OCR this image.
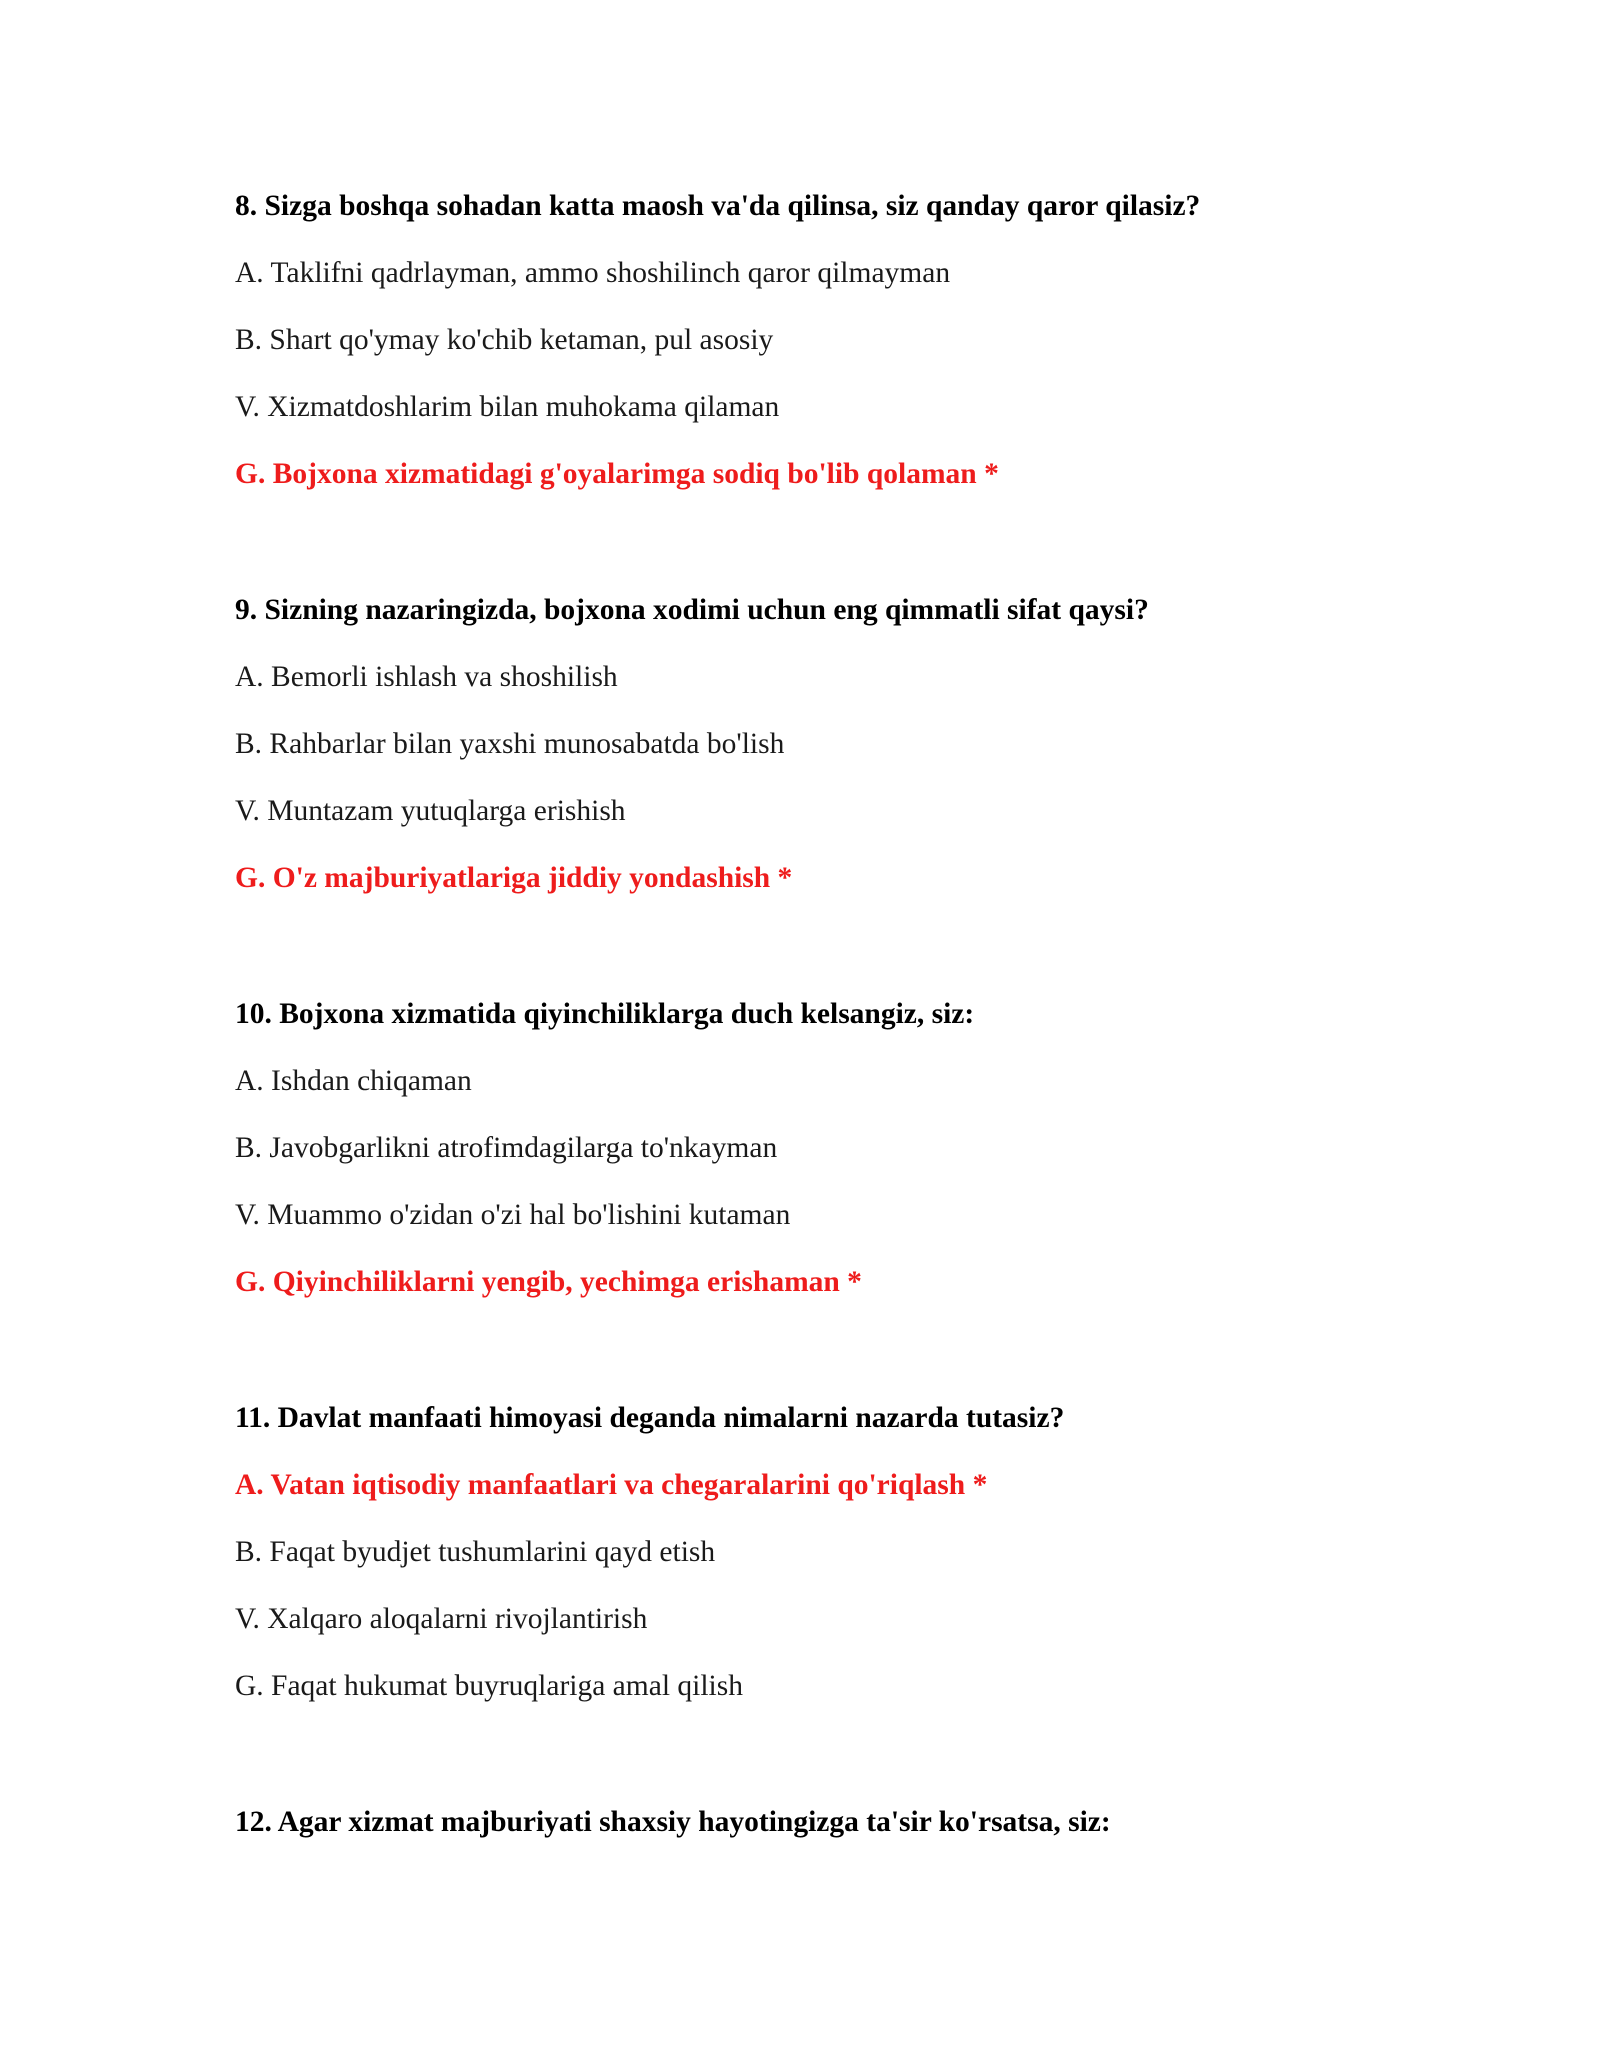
8. Sizga boshqa sohadan katta maosh va'da qilinsa, siz qanday qaror qilasiz?
A. Taklifni qadrlayman, ammo shoshilinch qaror qilmayman
B. Shart qo'ymay ko'chib ketaman, pul asosiy
V. Xizmatdoshlarim bilan muhokama qilaman
G. Bojxona xizmatidagi g'oyalarimga sodiq bo'lib qolaman *
9. Sizning nazaringizda, bojxona xodimi uchun eng qimmatli sifat qaysi?
A. Bemorli ishlash va shoshilish
B. Rahbarlar bilan yaxshi munosabatda bo'lish
V. Muntazam yutuqlarga erishish
G. O'z majburiyatlariga jiddiy yondashish *
10. Bojxona xizmatida qiyinchiliklarga duch kelsangiz, siz:
A. Ishdan chiqaman
B. Javobgarlikni atrofimdagilarga to'nkayman
V. Muammo o'zidan o'zi hal bo'lishini kutaman
G. Qiyinchiliklarni yengib, yechimga erishaman *
11. Davlat manfaati himoyasi deganda nimalarni nazarda tutasiz?
A. Vatan iqtisodiy manfaatlari va chegaralarini qo'riqlash *
B. Faqat byudjet tushumlarini qayd etish
V. Xalqaro aloqalarni rivojlantirish
G. Faqat hukumat buyruqlariga amal qilish
12. Agar xizmat majburiyati shaxsiy hayotingizga ta'sir ko'rsatsa, siz:
